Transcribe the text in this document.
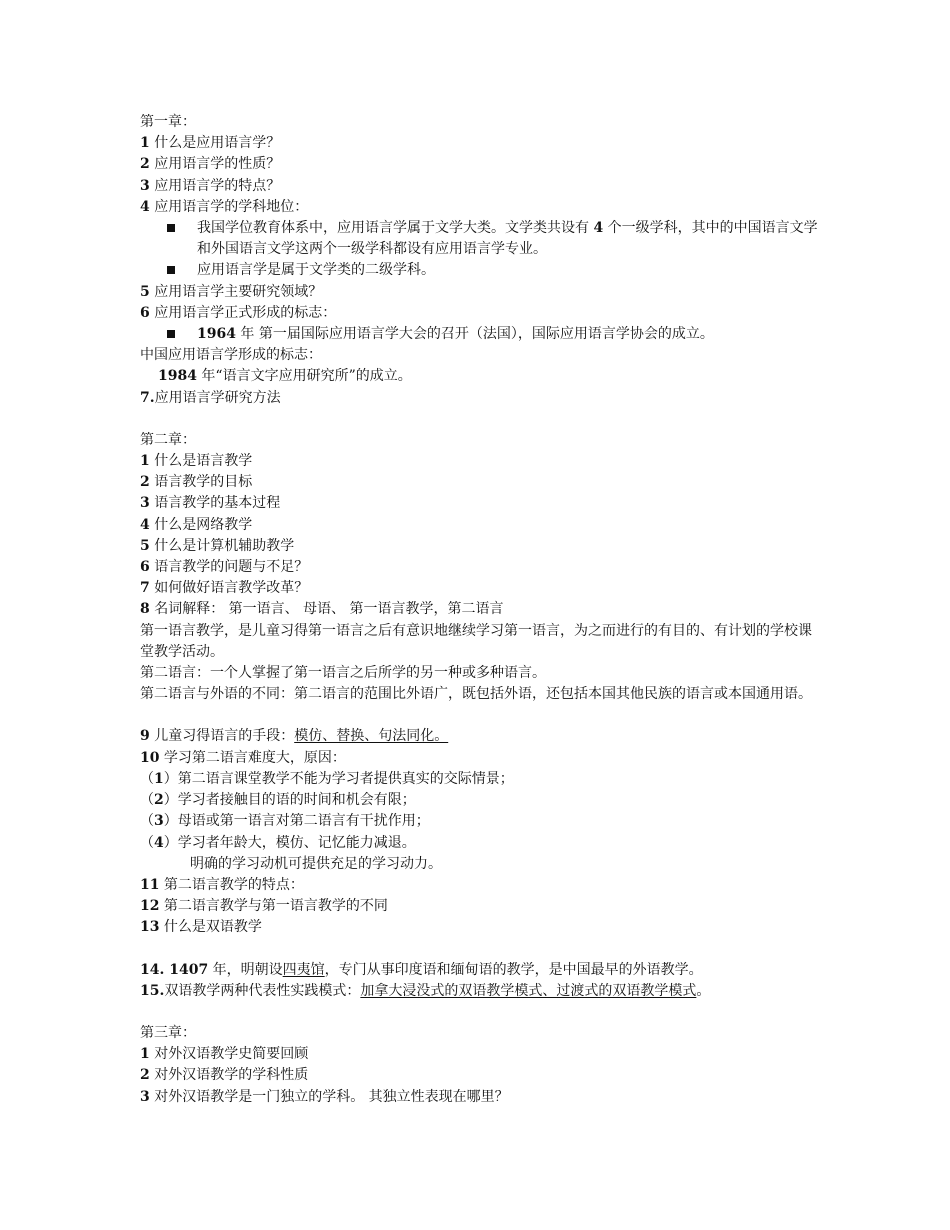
第一章：
1 什么是应用语言学？
2 应用语言学的性质？
3 应用语言学的特点？
4 应用语言学的学科地位：
我国学位教育体系中，应用语言学属于文学大类。文学类共设有 4 个一级学科，其中的中国语言文学和外国语言文学这两个一级学科都设有应用语言学专业。
应用语言学是属于文学类的二级学科。
5 应用语言学主要研究领域？
6 应用语言学正式形成的标志：
1964 年 第一届国际应用语言学大会的召开（法国），国际应用语言学协会的成立。
中国应用语言学形成的标志：
1984 年“语言文字应用研究所”的成立。
7.应用语言学研究方法
第二章：
1 什么是语言教学
2 语言教学的目标
3 语言教学的基本过程
4 什么是网络教学
5 什么是计算机辅助教学
6 语言教学的问题与不足？
7 如何做好语言教学改革？
8 名词解释： 第一语言、 母语、 第一语言教学，第二语言
第一语言教学，是儿童习得第一语言之后有意识地继续学习第一语言，为之而进行的有目的、有计划的学校课堂教学活动。
第二语言：一个人掌握了第一语言之后所学的另一种或多种语言。
第二语言与外语的不同：第二语言的范围比外语广，既包括外语，还包括本国其他民族的语言或本国通用语。
9 儿童习得语言的手段：模仿、替换、句法同化。
10 学习第二语言难度大，原因：
（1）第二语言课堂教学不能为学习者提供真实的交际情景；
（2）学习者接触目的语的时间和机会有限；
（3）母语或第一语言对第二语言有干扰作用；
（4）学习者年龄大，模仿、记忆能力减退。
明确的学习动机可提供充足的学习动力。
11 第二语言教学的特点：
12 第二语言教学与第一语言教学的不同
13 什么是双语教学
14. 1407 年，明朝设四夷馆，专门从事印度语和缅甸语的教学，是中国最早的外语教学。
15.双语教学两种代表性实践模式：加拿大浸没式的双语教学模式、过渡式的双语教学模式。
第三章：
1 对外汉语教学史简要回顾
2 对外汉语教学的学科性质
3 对外汉语教学是一门独立的学科。 其独立性表现在哪里？
